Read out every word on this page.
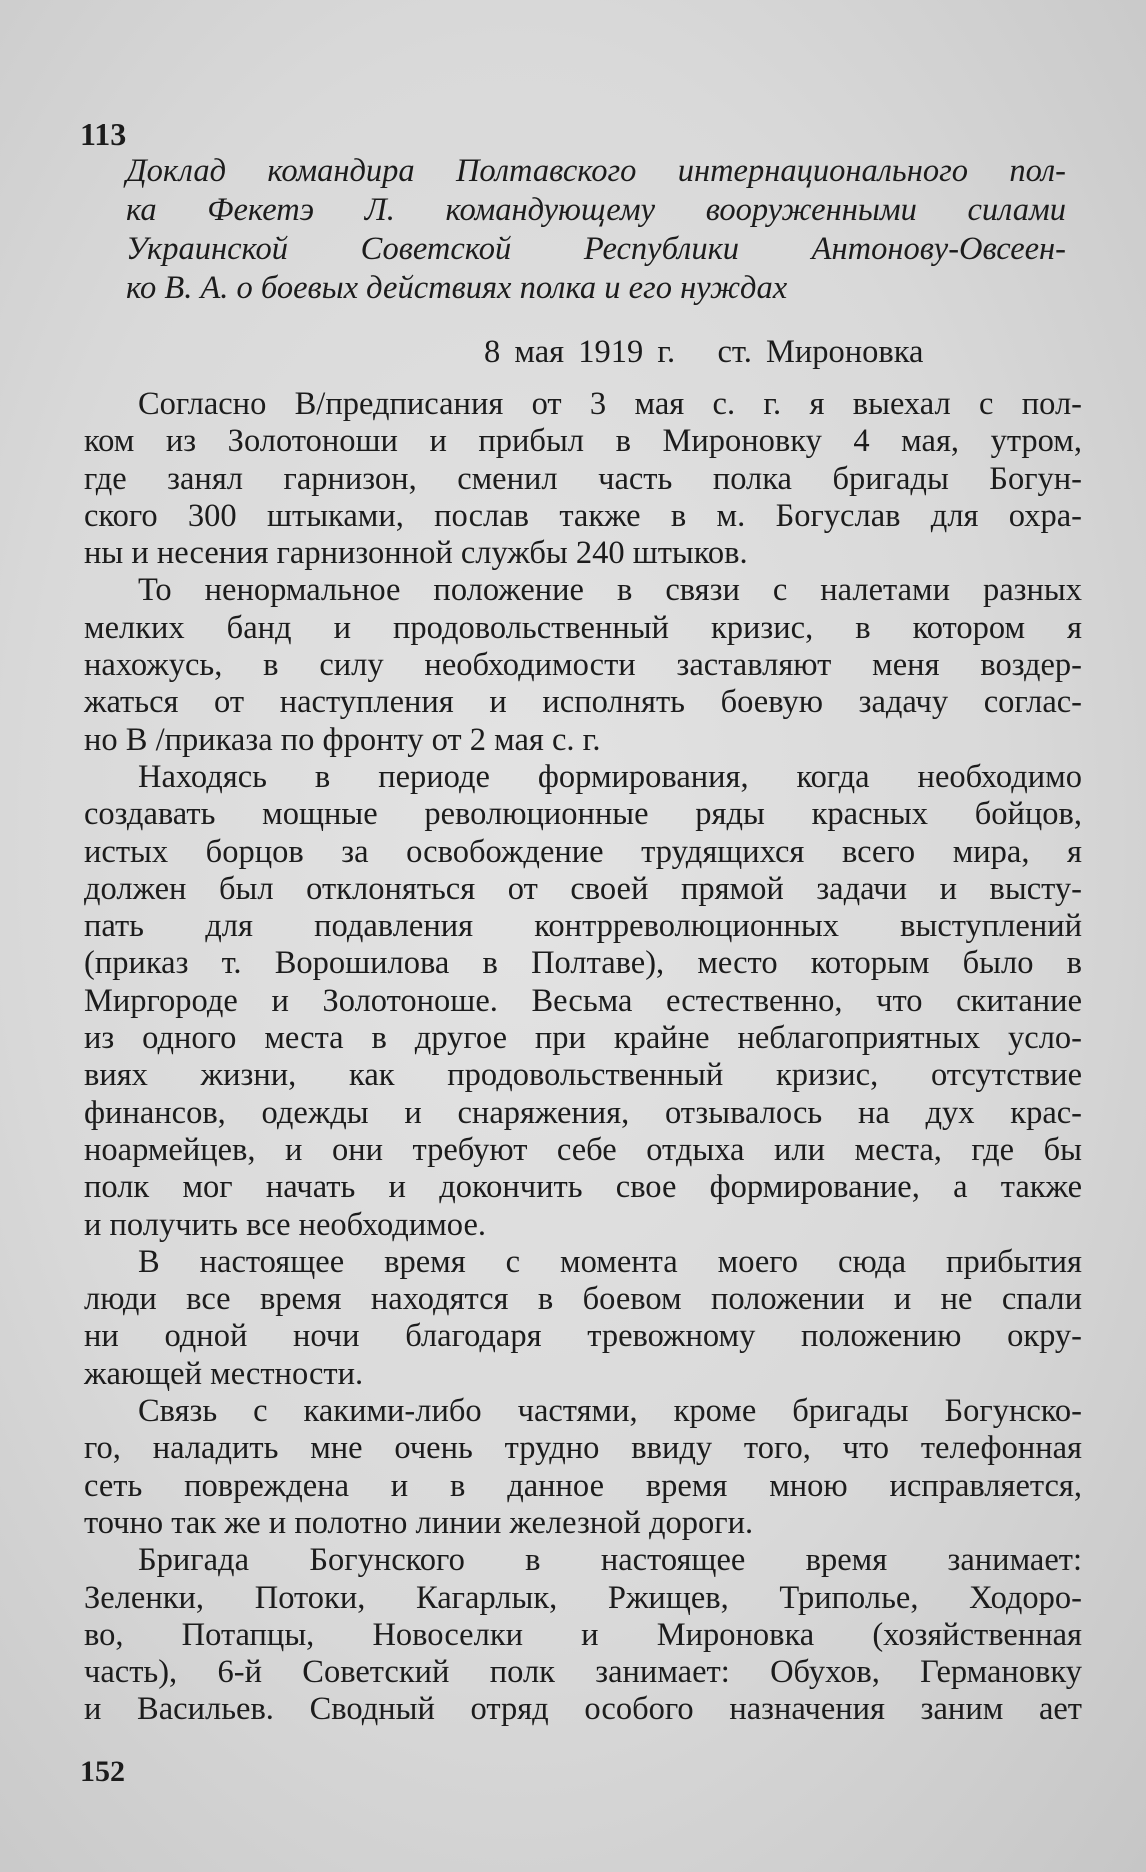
113
Доклад командира Полтавского интернационального пол-
ка Фекетэ Л. командующему вооруженными силами
Украинской Советской Республики Антонову-Овсеен-
ко В. А. о боевых действиях полка и его нуждах
8 мая 1919 г.   ст. Мироновка
Согласно В/предписания от 3 мая с. г. я выехал с пол-
ком из Золотоноши и прибыл в Мироновку 4 мая, утром,
где занял гарнизон, сменил часть полка бригады Богун-
ского 300 штыками, послав также в м. Богуслав для охра-
ны и несения гарнизонной службы 240 штыков.
То ненормальное положение в связи с налетами разных
мелких банд и продовольственный кризис, в котором я
нахожусь, в силу необходимости заставляют меня воздер-
жаться от наступления и исполнять боевую задачу соглас-
но В /приказа по фронту от 2 мая с. г.
Находясь в периоде формирования, когда необходимо
создавать мощные революционные ряды красных бойцов,
истых борцов за освобождение трудящихся всего мира, я
должен был отклоняться от своей прямой задачи и высту-
пать для подавления контрреволюционных выступлений
(приказ т. Ворошилова в Полтаве), место которым было в
Миргороде и Золотоноше. Весьма естественно, что скитание
из одного места в другое при крайне неблагоприятных усло-
виях жизни, как продовольственный кризис, отсутствие
финансов, одежды и снаряжения, отзывалось на дух крас-
ноармейцев, и они требуют себе отдыха или места, где бы
полк мог начать и докончить свое формирование, а также
и получить все необходимое.
В настоящее время с момента моего сюда прибытия
люди все время находятся в боевом положении и не спали
ни одной ночи благодаря тревожному положению окру-
жающей местности.
Связь с какими-либо частями, кроме бригады Богунско-
го, наладить мне очень трудно ввиду того, что телефонная
сеть повреждена и в данное время мною исправляется,
точно так же и полотно линии железной дороги.
Бригада Богунского в настоящее время занимает:
Зеленки, Потоки, Кагарлык, Ржищев, Триполье, Ходоро-
во, Потапцы, Новоселки и Мироновка (хозяйственная
часть), 6-й Советский полк занимает: Обухов, Германовку
и Васильев. Сводный отряд особого назначения заним ает
152
